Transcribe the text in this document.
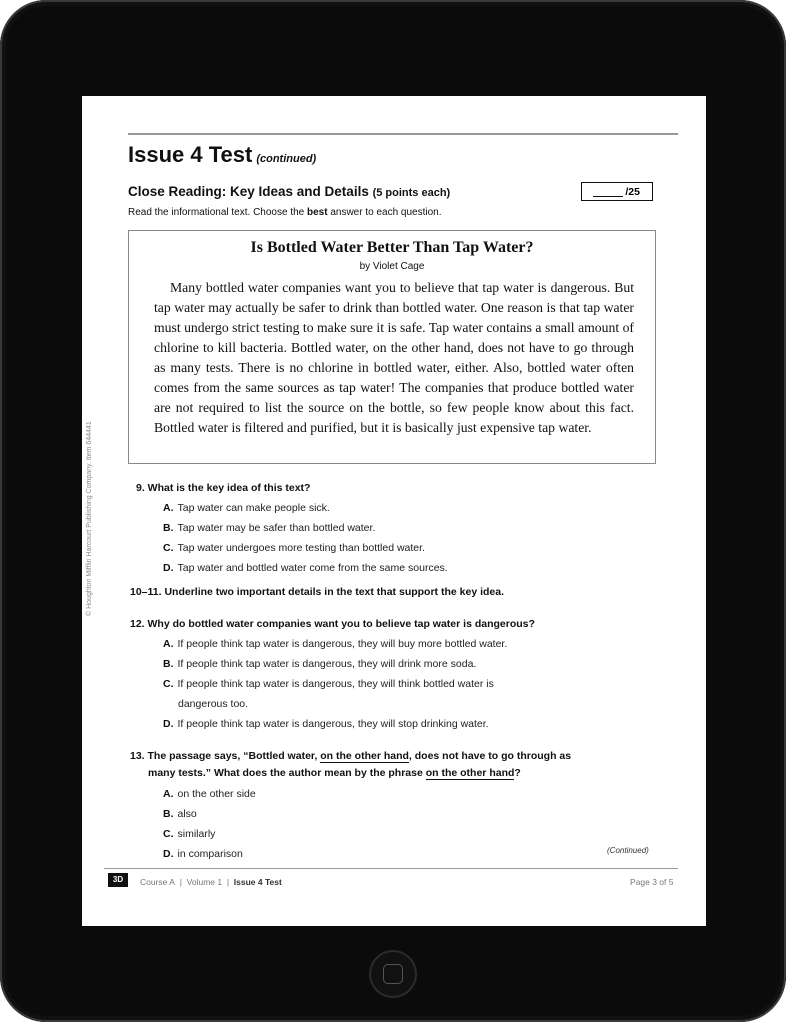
Issue 4 Test (continued)
Close Reading: Key Ideas and Details (5 points each)	/25
Read the informational text. Choose the best answer to each question.
Is Bottled Water Better Than Tap Water?
by Violet Cage
Many bottled water companies want you to believe that tap water is dangerous. But tap water may actually be safer to drink than bottled water. One reason is that tap water must undergo strict testing to make sure it is safe. Tap water contains a small amount of chlorine to kill bacteria. Bottled water, on the other hand, does not have to go through as many tests. There is no chlorine in bottled water, either. Also, bottled water often comes from the same sources as tap water! The companies that produce bottled water are not required to list the source on the bottle, so few people know about this fact. Bottled water is filtered and purified, but it is basically just expensive tap water.
© Houghton Mifflin Harcourt Publishing Company. Item 644441	9. What is the key idea of this text?
A. Tap water can make people sick.
B. Tap water may be safer than bottled water.
C. Tap water undergoes more testing than bottled water.
D. Tap water and bottled water come from the same sources.
10–11. Underline two important details in the text that support the key idea.
12. Why do bottled water companies want you to believe tap water is dangerous?
A. If people think tap water is dangerous, they will buy more bottled water.
B. If people think tap water is dangerous, they will drink more soda.
C. If people think tap water is dangerous, they will think bottled water is
dangerous too.
D. If people think tap water is dangerous, they will stop drinking water.
13. The passage says, “Bottled water, on the other hand, does not have to go through as
many tests.” What does the author mean by the phrase on the other hand?
A. on the other side
B. also
C. similarly
D. in comparison	(Continued)
3D	Course A | Volume 1 | Issue 4 Test	Page 3 of 5
